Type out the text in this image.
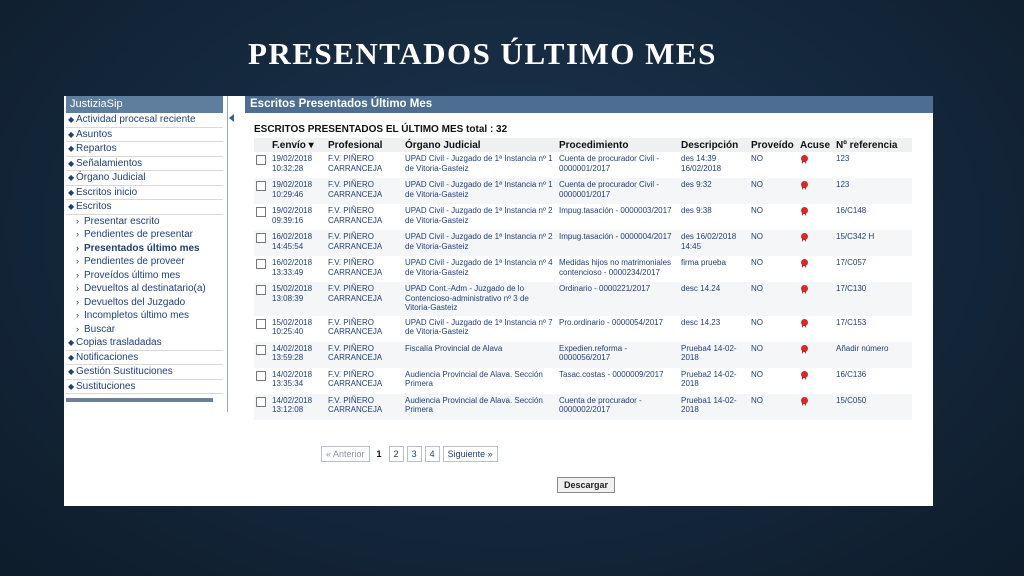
PRESENTADOS ÚLTIMO MES
JustiziaSip
◆ Actividad procesal reciente
◆ Asuntos
◆ Repartos
◆ Señalamientos
◆ Órgano Judicial
◆ Escritos inicio
◆ Escritos
› Presentar escrito
› Pendientes de presentar
› Presentados último mes
› Pendientes de proveer
› Proveídos último mes
› Devueltos al destinatario(a)
› Devueltos del Juzgado
› Incompletos último mes
› Buscar
◆ Copias trasladadas
◆ Notificaciones
◆ Gestión Sustituciones
◆ Sustituciones
Escritos Presentados Último Mes
ESCRITOS PRESENTADOS EL ÚLTIMO MES total : 32
	F.envío ▾	Profesional	Órgano Judicial	Procedimiento	Descripción	Proveído	Acuse	Nº referencia
	19/02/2018 10:32:28	F.V. PIÑERO CARRANCEJA	UPAD Civil - Juzgado de 1ª Instancia nº 1 de Vitoria-Gasteiz	Cuenta de procurador Civil - 0000001/2017	des 14:39 16/02/2018	NO		123
	19/02/2018 10:29:46	F.V. PIÑERO CARRANCEJA	UPAD Civil - Juzgado de 1ª Instancia nº 1 de Vitoria-Gasteiz	Cuenta de procurador Civil - 0000001/2017	des 9:32	NO		123
	19/02/2018 09:39:16	F.V. PIÑERO CARRANCEJA	UPAD Civil - Juzgado de 1ª Instancia nº 2 de Vitoria-Gasteiz	Impug.tasación - 0000003/2017	des 9:38	NO		16/C148
	16/02/2018 14:45:54	F.V. PIÑERO CARRANCEJA	UPAD Civil - Juzgado de 1ª Instancia nº 2 de Vitoria-Gasteiz	Impug.tasación - 0000004/2017	des 16/02/2018 14:45	NO		15/C342 H
	16/02/2018 13:33:49	F.V. PIÑERO CARRANCEJA	UPAD Civil - Juzgado de 1ª Instancia nº 4 de Vitoria-Gasteiz	Medidas hijos no matrimoniales contencioso - 0000234/2017	firma prueba	NO		17/C057
	15/02/2018 13:08:39	F.V. PIÑERO CARRANCEJA	UPAD Cont.-Adm - Juzgado de lo Contencioso-administrativo nº 3 de Vitoria-Gasteiz	Ordinario - 0000221/2017	desc 14.24	NO		17/C130
	15/02/2018 10:25:40	F.V. PIÑERO CARRANCEJA	UPAD Civil - Juzgado de 1ª Instancia nº 7 de Vitoria-Gasteiz	Pro.ordinario - 0000054/2017	desc 14.23	NO		17/C153
	14/02/2018 13:59:28	F.V. PIÑERO CARRANCEJA	Fiscalía Provincial de Alava	Expedien.reforma - 0000056/2017	Prueba4 14-02-2018	NO		Añadir número
	14/02/2018 13:35:34	F.V. PIÑERO CARRANCEJA	Audiencia Provincial de Alava. Sección Primera	Tasac.costas - 0000009/2017	Prueba2 14-02-2018	NO		16/C136
	14/02/2018 13:12:08	F.V. PIÑERO CARRANCEJA	Audiencia Provincial de Alava. Sección Primera	Cuenta de procurador - 0000002/2017	Prueba1 14-02-2018	NO		15/C050
« Anterior	1	2	3	4	Siguiente »
Descargar
